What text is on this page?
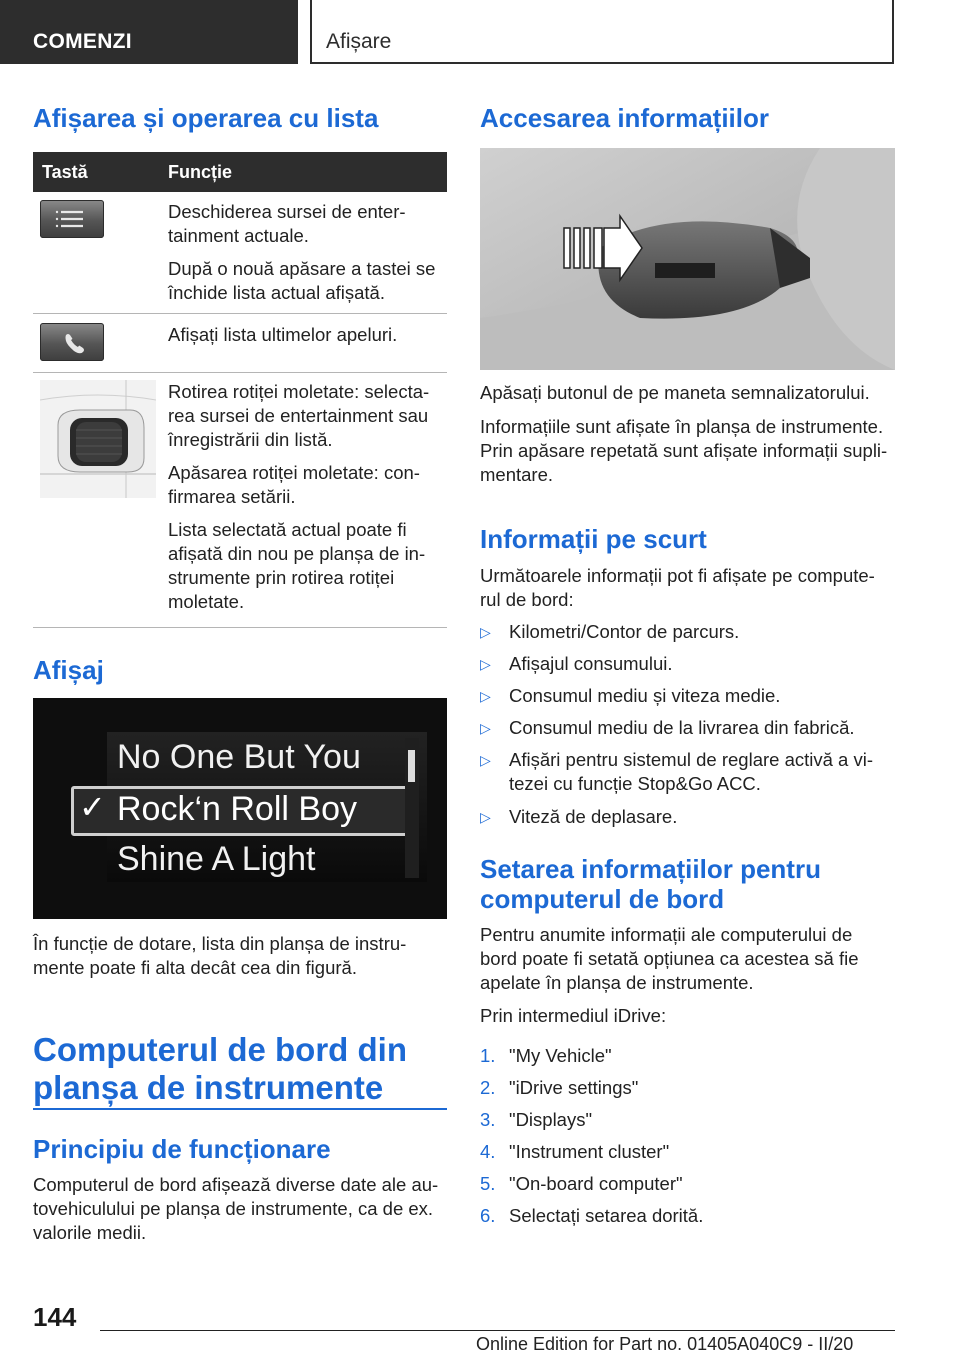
COMENZI	Afișare
Afișarea și operarea cu lista
Tastă	Funcție
Deschiderea sursei de enter-
tainment actuale.
După o nouă apăsare a tastei se
închide lista actual afișată.
Afișați lista ultimelor apeluri.
Rotirea rotiței moletate: selecta-
rea sursei de entertainment sau
înregistrării din listă.
Apăsarea rotiței moletate: con-
firmarea setării.
Lista selectată actual poate fi
afișată din nou pe planșa de in-
strumente prin rotirea rotiței
moletate.
Afișaj
No One But You
✓ Rock‘n Roll Boy
Shine A Light
În funcție de dotare, lista din planșa de instru-
mente poate fi alta decât cea din figură.
Computerul de bord din
planșa de instrumente
Principiu de funcționare
Computerul de bord afișează diverse date ale au-
tovehiculului pe planșa de instrumente, ca de ex.
valorile medii.
Accesarea informațiilor
Apăsați butonul de pe maneta semnalizatorului.
Informațiile sunt afișate în planșa de instrumente.
Prin apăsare repetată sunt afișate informații supli-
mentare.
Informații pe scurt
Următoarele informații pot fi afișate pe compute-
rul de bord:
▷ Kilometri/Contor de parcurs.
▷ Afișajul consumului.
▷ Consumul mediu și viteza medie.
▷ Consumul mediu de la livrarea din fabrică.
▷ Afișări pentru sistemul de reglare activă a vi-
tezei cu funcție Stop&Go ACC.
▷ Viteză de deplasare.
Setarea informațiilor pentru
computerul de bord
Pentru anumite informații ale computerului de
bord poate fi setată opțiunea ca acestea să fie
apelate în planșa de instrumente.
Prin intermediul iDrive:
1. "My Vehicle"
2. "iDrive settings"
3. "Displays"
4. "Instrument cluster"
5. "On-board computer"
6. Selectați setarea dorită.
144
Online Edition for Part no. 01405A040C9 - II/20
